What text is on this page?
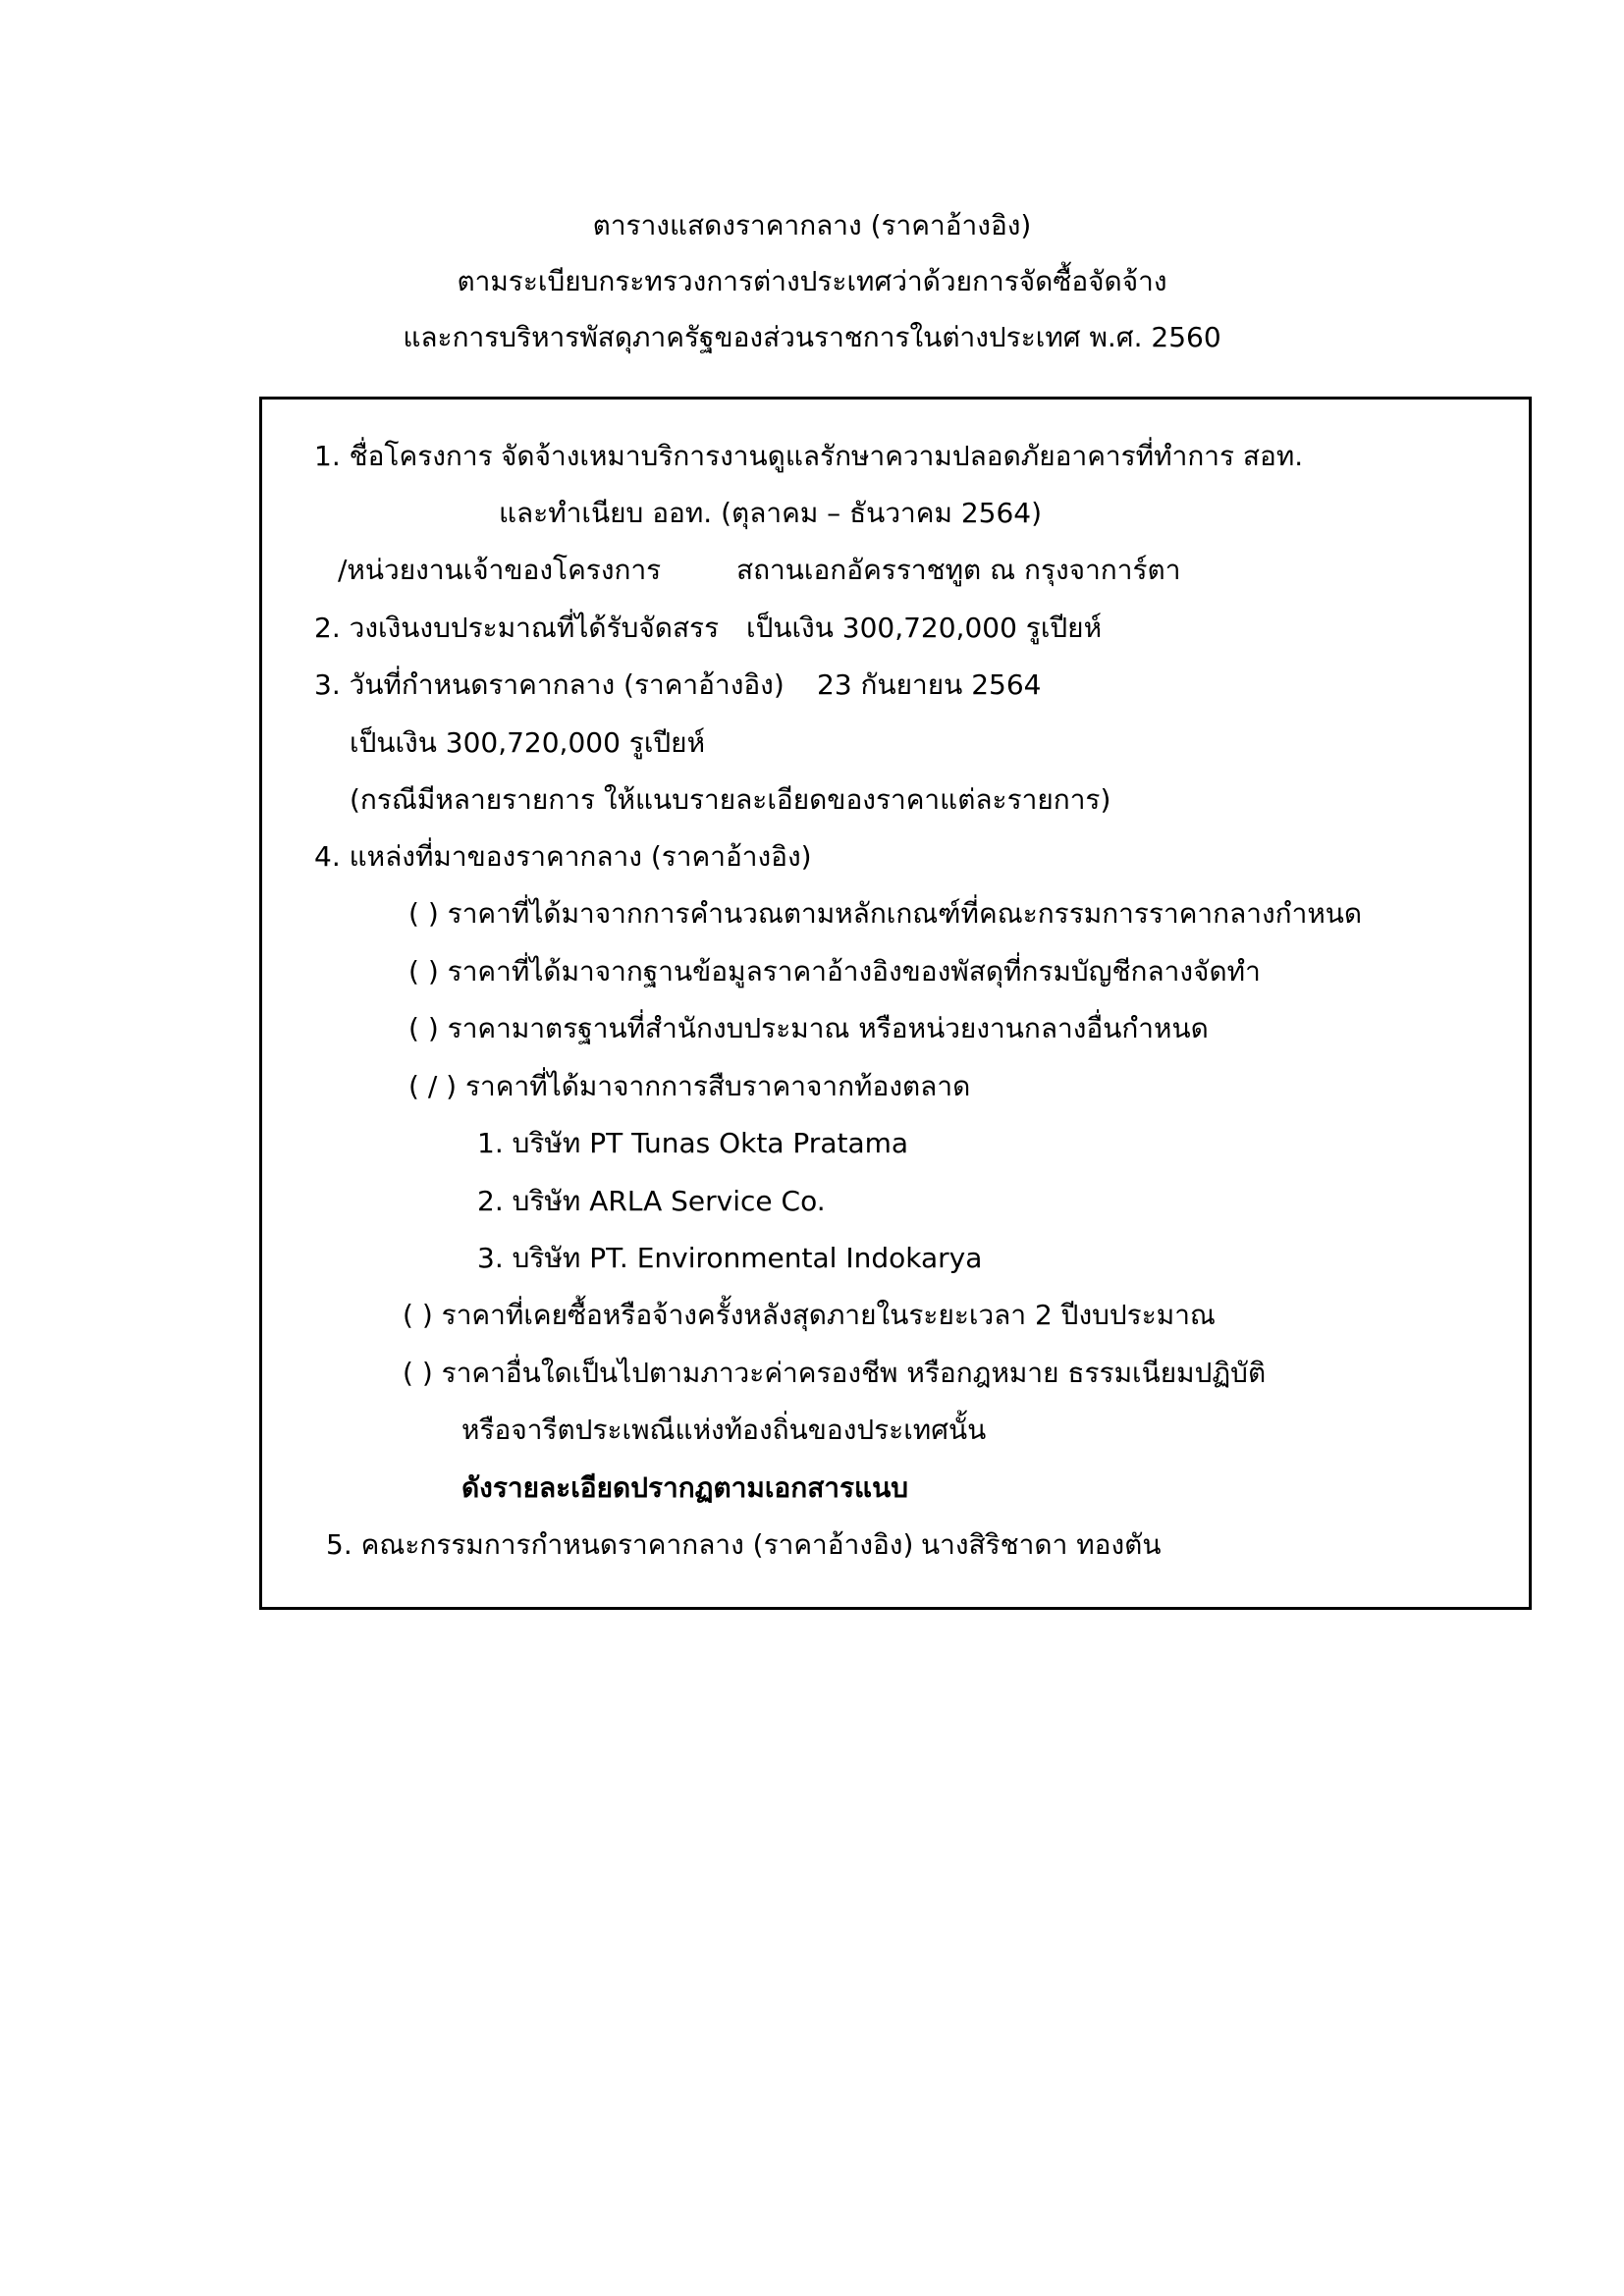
ตารางแสดงราคากลาง (ราคาอ้างอิง)
ตามระเบียบกระทรวงการต่างประเทศว่าด้วยการจัดซื้อจัดจ้าง
และการบริหารพัสดุภาครัฐของส่วนราชการในต่างประเทศ พ.ศ. 2560
1. ชื่อโครงการ จัดจ้างเหมาบริการงานดูแลรักษาความปลอดภัยอาคารที่ทำการ สอท.
และทำเนียบ ออท. (ตุลาคม – ธันวาคม 2564)
/หน่วยงานเจ้าของโครงการ	สถานเอกอัครราชทูต ณ กรุงจาการ์ตา
2. วงเงินงบประมาณที่ได้รับจัดสรร เป็นเงิน 300,720,000 รูเปียห์
3. วันที่กำหนดราคากลาง (ราคาอ้างอิง) 23 กันยายน 2564
เป็นเงิน 300,720,000 รูเปียห์
(กรณีมีหลายรายการ ให้แนบรายละเอียดของราคาแต่ละรายการ)
4. แหล่งที่มาของราคากลาง (ราคาอ้างอิง)
( ) ราคาที่ได้มาจากการคำนวณตามหลักเกณฑ์ที่คณะกรรมการราคากลางกำหนด
( ) ราคาที่ได้มาจากฐานข้อมูลราคาอ้างอิงของพัสดุที่กรมบัญชีกลางจัดทำ
( ) ราคามาตรฐานที่สำนักงบประมาณ หรือหน่วยงานกลางอื่นกำหนด
( / ) ราคาที่ได้มาจากการสืบราคาจากท้องตลาด
1. บริษัท PT Tunas Okta Pratama
2. บริษัท ARLA Service Co.
3. บริษัท PT. Environmental Indokarya
( ) ราคาที่เคยซื้อหรือจ้างครั้งหลังสุดภายในระยะเวลา 2 ปีงบประมาณ
( ) ราคาอื่นใดเป็นไปตามภาวะค่าครองชีพ หรือกฎหมาย ธรรมเนียมปฏิบัติ
หรือจารีตประเพณีแห่งท้องถิ่นของประเทศนั้น
ดังรายละเอียดปรากฏตามเอกสารแนบ
5. คณะกรรมการกำหนดราคากลาง (ราคาอ้างอิง) นางสิริชาดา ทองตัน
